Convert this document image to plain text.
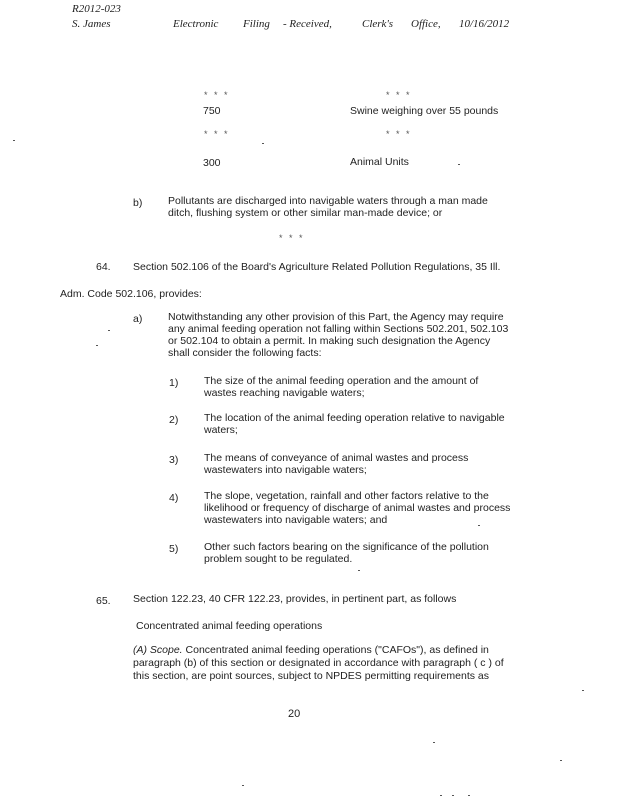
R2012-023
S. James	Electronic Filing - Received,	Clerk's Office, 10/16/2012
* * *	* * *
750	Swine weighing over 55 pounds
* * *	* * *
300	Animal Units
b) Pollutants are discharged into navigable waters through a man made
ditch, flushing system or other similar man-made device; or
* * *
64. Section 502.106 of the Board's Agriculture Related Pollution Regulations, 35 Ill.
Adm. Code 502.106, provides:
a) Notwithstanding any other provision of this Part, the Agency may require
any animal feeding operation not falling within Sections 502.201, 502.103
or 502.104 to obtain a permit. In making such designation the Agency
shall consider the following facts:
1) The size of the animal feeding operation and the amount of
wastes reaching navigable waters;
2) The location of the animal feeding operation relative to navigable
waters;
3) The means of conveyance of animal wastes and process
wastewaters into navigable waters;
4) The slope, vegetation, rainfall and other factors relative to the
likelihood or frequency of discharge of animal wastes and process
wastewaters into navigable waters; and
5) Other such factors bearing on the significance of the pollution
problem sought to be regulated.
65. Section 122.23, 40 CFR 122.23, provides, in pertinent part, as follows
Concentrated animal feeding operations
(A) Scope. Concentrated animal feeding operations ("CAFOs"), as defined in
paragraph (b) of this section or designated in accordance with paragraph ( c ) of
this section, are point sources, subject to NPDES permitting requirements as
20
